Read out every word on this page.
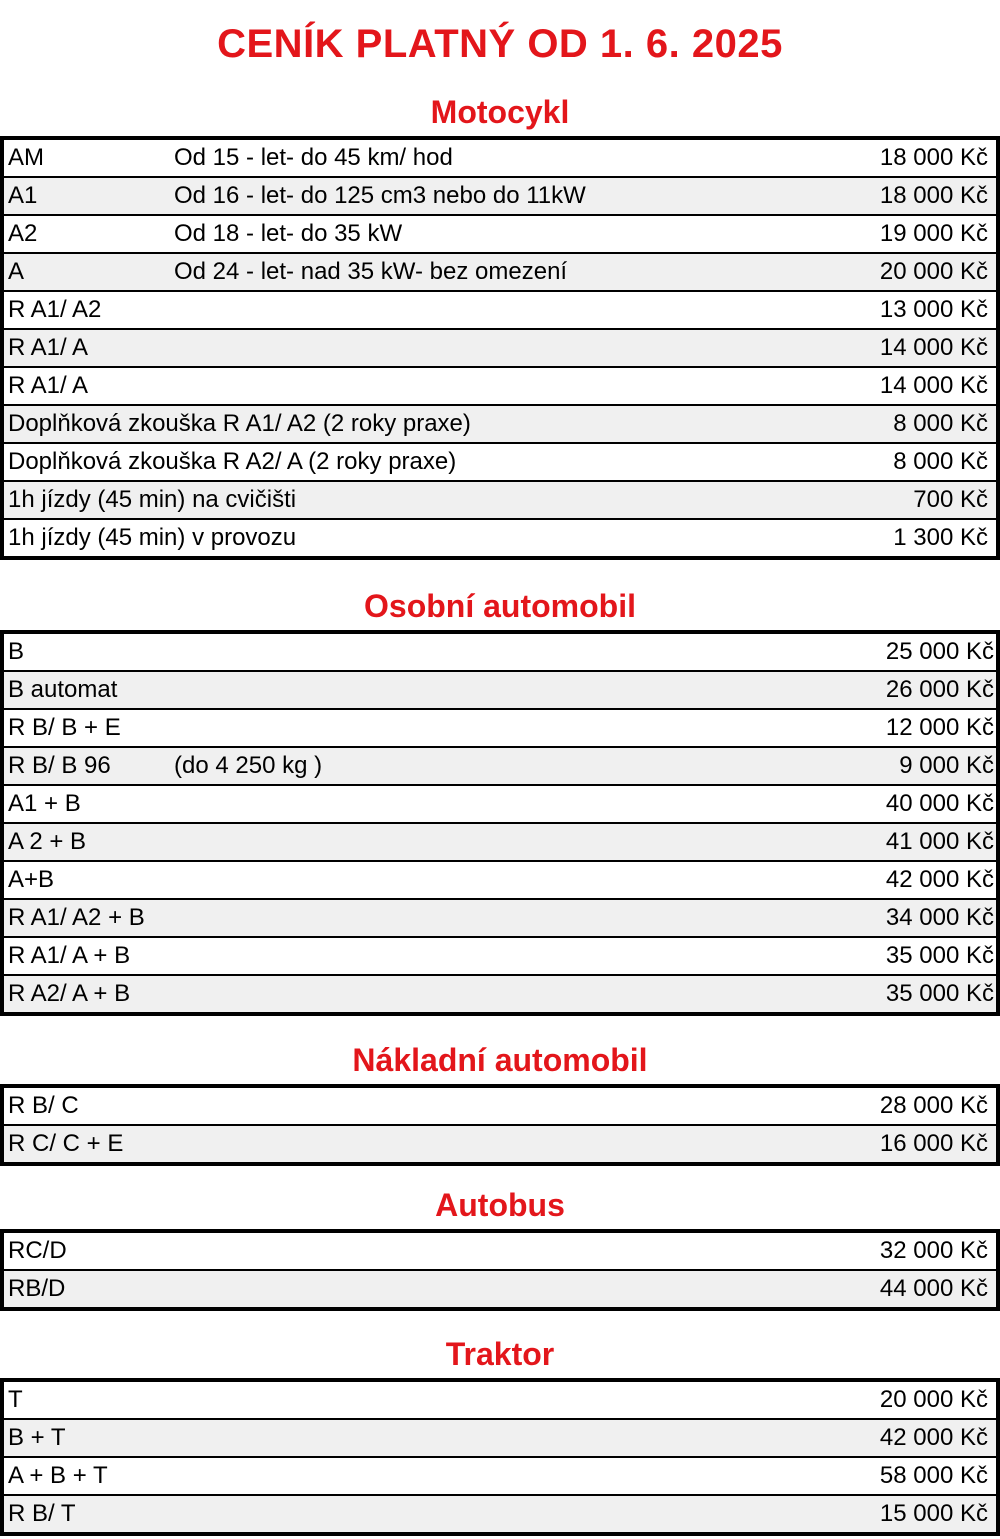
CENÍK PLATNÝ OD 1. 6. 2025
Motocykl
AM	Od 15 - let- do 45 km/ hod	18 000 Kč
A1	Od 16 - let- do 125 cm3 nebo do 11kW	18 000 Kč
A2	Od 18 - let- do 35 kW	19 000 Kč
A	Od 24 - let- nad 35 kW- bez omezení	20 000 Kč
R A1/ A2	13 000 Kč
R A1/ A	14 000 Kč
R A1/ A	14 000 Kč
Doplňková zkouška R A1/ A2 (2 roky praxe)	8 000 Kč
Doplňková zkouška R A2/ A (2 roky praxe)	8 000 Kč
1h jízdy (45 min) na cvičišti	700 Kč
1h jízdy (45 min) v provozu	1 300 Kč
Osobní automobil
B	25 000 Kč
B automat	26 000 Kč
R B/ B + E	12 000 Kč
R B/ B 96	(do 4 250 kg )	9 000 Kč
A1 + B	40 000 Kč
A 2 + B	41 000 Kč
A+B	42 000 Kč
R A1/ A2 + B	34 000 Kč
R A1/ A + B	35 000 Kč
R A2/ A + B	35 000 Kč
Nákladní automobil
R B/ C	28 000 Kč
R C/ C + E	16 000 Kč
Autobus
RC/D	32 000 Kč
RB/D	44 000 Kč
Traktor
T	20 000 Kč
B + T	42 000 Kč
A + B + T	58 000 Kč
R B/ T	15 000 Kč
